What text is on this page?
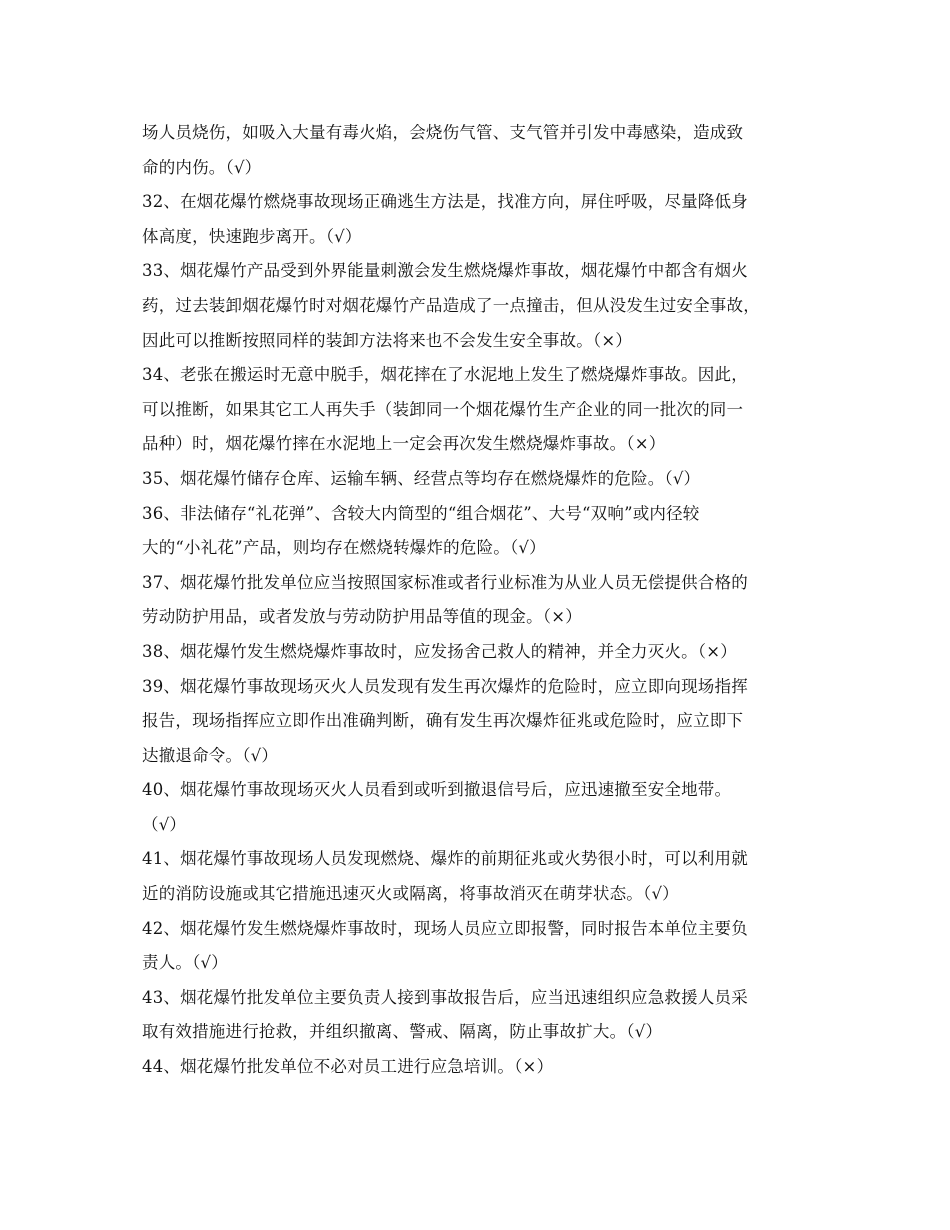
场人员烧伤，如吸入大量有毒火焰，会烧伤气管、支气管并引发中毒感染，造成致
命的内伤。（√）
32、在烟花爆竹燃烧事故现场正确逃生方法是，找准方向，屏住呼吸，尽量降低身
体高度，快速跑步离开。（√）
33、烟花爆竹产品受到外界能量刺激会发生燃烧爆炸事故，烟花爆竹中都含有烟火
药，过去装卸烟花爆竹时对烟花爆竹产品造成了一点撞击，但从没发生过安全事故，
因此可以推断按照同样的装卸方法将来也不会发生安全事故。（×）
34、老张在搬运时无意中脱手，烟花摔在了水泥地上发生了燃烧爆炸事故。因此，
可以推断，如果其它工人再失手（装卸同一个烟花爆竹生产企业的同一批次的同一
品种）时，烟花爆竹摔在水泥地上一定会再次发生燃烧爆炸事故。（×）
35、烟花爆竹储存仓库、运输车辆、经营点等均存在燃烧爆炸的危险。（√）
36、非法储存“礼花弹”、含较大内筒型的“组合烟花”、大号“双响”或内径较
大的“小礼花”产品，则均存在燃烧转爆炸的危险。（√）
37、烟花爆竹批发单位应当按照国家标准或者行业标准为从业人员无偿提供合格的
劳动防护用品，或者发放与劳动防护用品等值的现金。（×）
38、烟花爆竹发生燃烧爆炸事故时，应发扬舍己救人的精神，并全力灭火。（×）
39、烟花爆竹事故现场灭火人员发现有发生再次爆炸的危险时，应立即向现场指挥
报告，现场指挥应立即作出准确判断，确有发生再次爆炸征兆或危险时，应立即下
达撤退命令。（√）
40、烟花爆竹事故现场灭火人员看到或听到撤退信号后，应迅速撤至安全地带。
（√）
41、烟花爆竹事故现场人员发现燃烧、爆炸的前期征兆或火势很小时，可以利用就
近的消防设施或其它措施迅速灭火或隔离，将事故消灭在萌芽状态。（√）
42、烟花爆竹发生燃烧爆炸事故时，现场人员应立即报警，同时报告本单位主要负
责人。（√）
43、烟花爆竹批发单位主要负责人接到事故报告后，应当迅速组织应急救援人员采
取有效措施进行抢救，并组织撤离、警戒、隔离，防止事故扩大。（√）
44、烟花爆竹批发单位不必对员工进行应急培训。（×）
